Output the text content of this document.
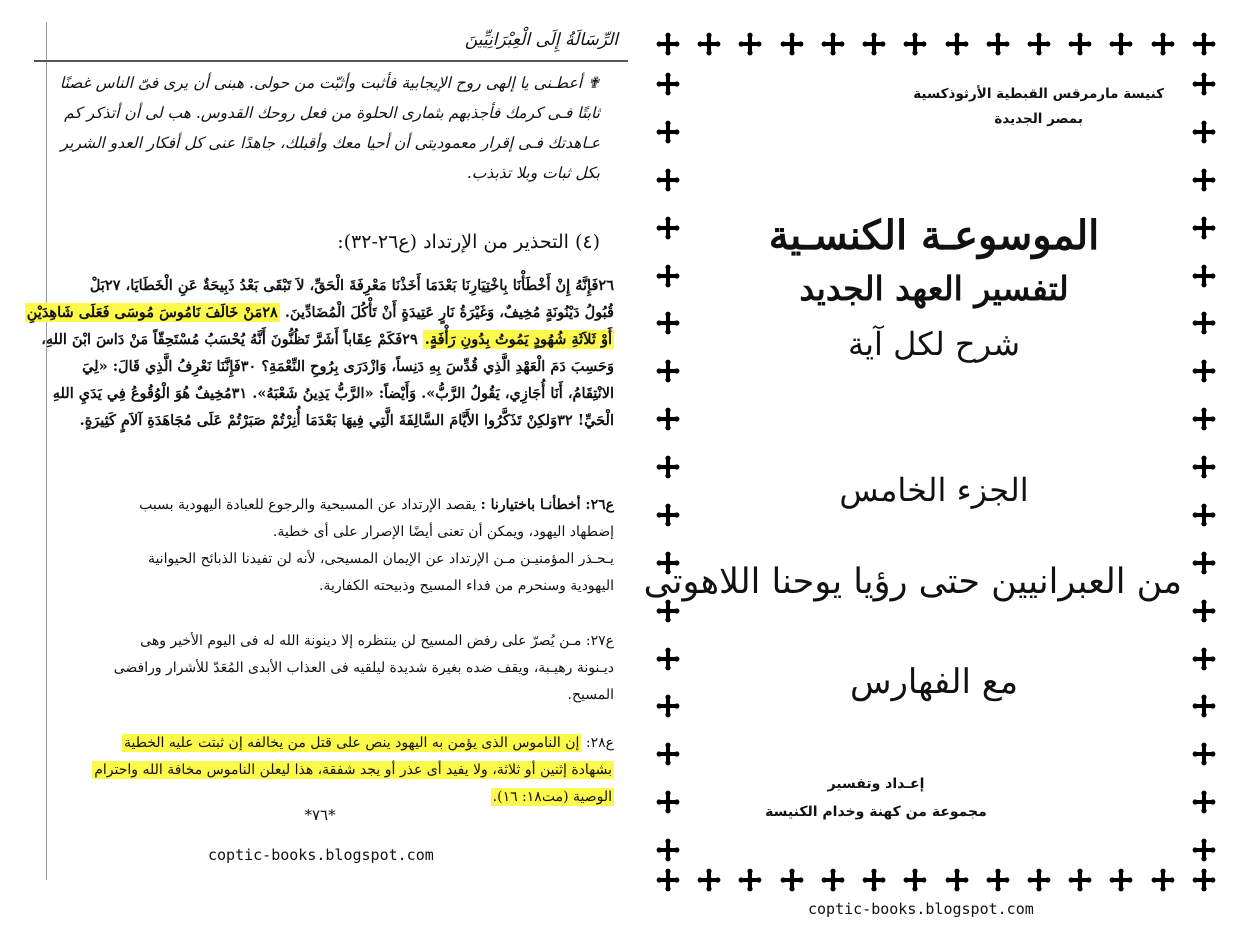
الرِّسَالَةُ إِلَى الْعِبْرَانِيِّينَ

✟ أعطـنى يا إلهى روح الإيجابية فأثبت وأثبّت من حولى. هبنى أن يرى فىّ الناس غصنًا

ثابتًا فـى كرمك فأجذبهم بثمارى الحلوة من فعل روحك القدوس. هب لى أن أتذكر كم

عـاهدتك فـى إقرار معموديتى أن أحيا معك وأقبلك، جاهدًا عنى كل أفكار العدو الشرير

بكل ثبات وبلا تذبذب.

(٤) التحذير من الإرتداد (ع٢٦-٣٢):

٢٦فَإِنَّهُ إِنْ أَخْطَأْنَا بِاخْتِيَارِنَا بَعْدَمَا أَخَذْنَا مَعْرِفَةَ الْحَقِّ، لاَ تَبْقَى بَعْدُ ذَبِيحَةٌ عَنِ الْخَطَايَا، ٢٧بَلْ

قُبُولُ دَيْنُونَةٍ مُخِيفٌ، وَغَيْرَةُ نَارٍ عَتِيدَةٍ أَنْ تَأْكُلَ الْمُضَادِّينَ. ٢٨مَنْ خَالَفَ نَامُوسَ مُوسَى فَعَلَى شَاهِدَيْنِ

أَوْ ثَلاَثَةِ شُهُودٍ يَمُوتُ بِدُونِ رَأْفَةٍ. ٢٩فَكَمْ عِقَاباً أَشَرَّ تَظُنُّونَ أَنَّهُ يُحْسَبُ مُسْتَحِقّاً مَنْ دَاسَ ابْنَ اللهِ،

وَحَسِبَ دَمَ الْعَهْدِ الَّذِي قُدِّسَ بِهِ دَنِساً، وَازْدَرَى بِرُوحِ النِّعْمَةِ؟ ٣٠فَإِنَّنَا نَعْرِفُ الَّذِي قَالَ: «لِيَ

الانْتِقَامُ، أَنَا أُجَازِي، يَقُولُ الرَّبُّ». وَأَيْضاً: «الرَّبُّ يَدِينُ شَعْبَهُ». ٣١مُخِيفٌ هُوَ الْوُقُوعُ فِي يَدَيِ اللهِ

الْحَيِّ! ٣٢وَلكِنْ تَذَكَّرُوا الأَيَّامَ السَّالِفَةَ الَّتِي فِيهَا بَعْدَمَا أُنِرْتُمْ صَبَرْتُمْ عَلَى مُجَاهَدَةِ آلاَمٍ كَثِيرَةٍ.

ع٢٦: أخطأنـا باختيارنا : يقصد الإرتداد عن المسيحية والرجوع للعبادة اليهودية بسبب

إضطهاد اليهود، ويمكن أن تعنى أيضًا الإصرار على أى خطية.

يـحـذر المؤمنيـن مـن الإرتداد عن الإيمان المسيحى، لأنه لن تفيدنا الذبائح الحيوانية

اليهودية وسنحرم من فداء المسيح وذبيحته الكفارية.

ع٢٧: مـن يُصرّ على رفض المسيح لن ينتظره إلا دينونة الله له فى اليوم الأخير وهى

ديـنونة رهيـبة، ويقف ضده بغيرة شديدة ليلقيه فى العذاب الأبدى المُعَدّ للأشرار ورافضى

المسيح.

ع٢٨: إن الناموس الذى يؤمن به اليهود ينص على قتل من يخالفه إن ثبتت عليه الخطية

بشهادة إثنين أو ثلاثة، ولا يفيد أى عذر أو يجد شفقة، هذا ليعلن الناموس مخافة الله واحترام

الوصية (مت١٨: ١٦).

*٧٦*
coptic-books.blogspot.com
كنيسة مارمرقس القبطية الأرثوذكسية
بمصر الجديدة
الموسوعـة الكنسـية
لتفسير العهد الجديد
شرح لكل آية
الجزء الخامس
من العبرانيين حتى رؤيا يوحنا اللاهوتى
مع الفهارس
إعـداد وتفسير
مجموعة من كهنة وخدام الكنيسة
coptic-books.blogspot.com
